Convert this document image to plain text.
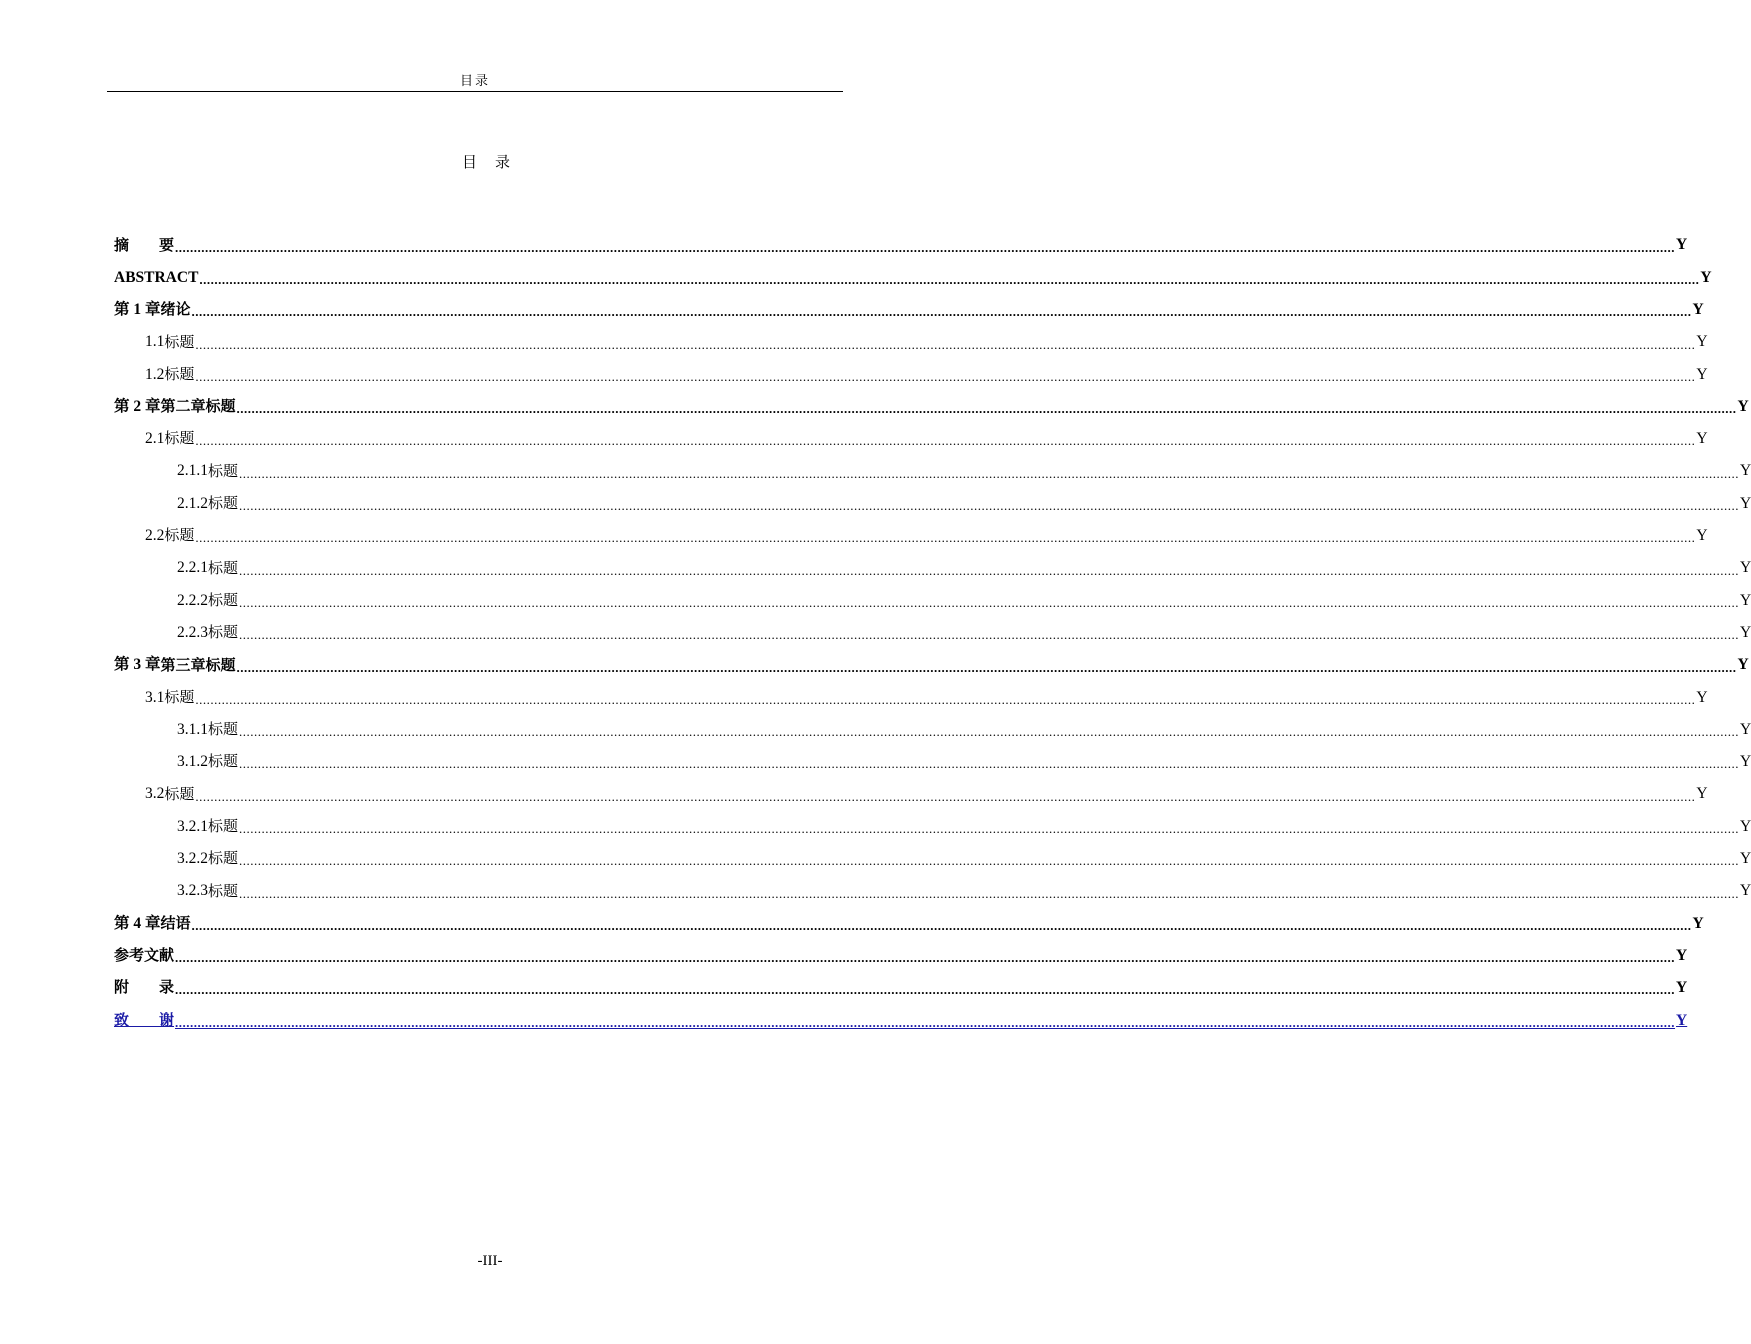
目录
目录
摘　　要 ................................................................................................................................................................................................................................................................................................................................................................................................................ Y
ABSTRACT ................................................................................................................................................................................................................................................................................................................................................................................................................ Y
第 1 章 绪论 ................................................................................................................................................................................................................................................................................................................................................................................................................ Y
1.1 标题 ................................................................................................................................................................................................................................................................................................................................................................................................................ Y
1.2 标题 ................................................................................................................................................................................................................................................................................................................................................................................................................ Y
第 2 章 第二章标题 ................................................................................................................................................................................................................................................................................................................................................................................................................ Y
2.1 标题 ................................................................................................................................................................................................................................................................................................................................................................................................................ Y
2.1.1 标题 ................................................................................................................................................................................................................................................................................................................................................................................................................ Y
2.1.2 标题 ................................................................................................................................................................................................................................................................................................................................................................................................................ Y
2.2 标题 ................................................................................................................................................................................................................................................................................................................................................................................................................ Y
2.2.1 标题 ................................................................................................................................................................................................................................................................................................................................................................................................................ Y
2.2.2 标题 ................................................................................................................................................................................................................................................................................................................................................................................................................ Y
2.2.3 标题 ................................................................................................................................................................................................................................................................................................................................................................................................................ Y
第 3 章 第三章标题 ................................................................................................................................................................................................................................................................................................................................................................................................................ Y
3.1 标题 ................................................................................................................................................................................................................................................................................................................................................................................................................ Y
3.1.1 标题 ................................................................................................................................................................................................................................................................................................................................................................................................................ Y
3.1.2 标题 ................................................................................................................................................................................................................................................................................................................................................................................................................ Y
3.2 标题 ................................................................................................................................................................................................................................................................................................................................................................................................................ Y
3.2.1 标题 ................................................................................................................................................................................................................................................................................................................................................................................................................ Y
3.2.2 标题 ................................................................................................................................................................................................................................................................................................................................................................................................................ Y
3.2.3 标题 ................................................................................................................................................................................................................................................................................................................................................................................................................ Y
第 4 章 结语 ................................................................................................................................................................................................................................................................................................................................................................................................................ Y
参考文献 ................................................................................................................................................................................................................................................................................................................................................................................................................ Y
附　　录 ................................................................................................................................................................................................................................................................................................................................................................................................................ Y
致　　谢 ................................................................................................................................................................................................................................................................................................................................................................................................................ Y
-III-
